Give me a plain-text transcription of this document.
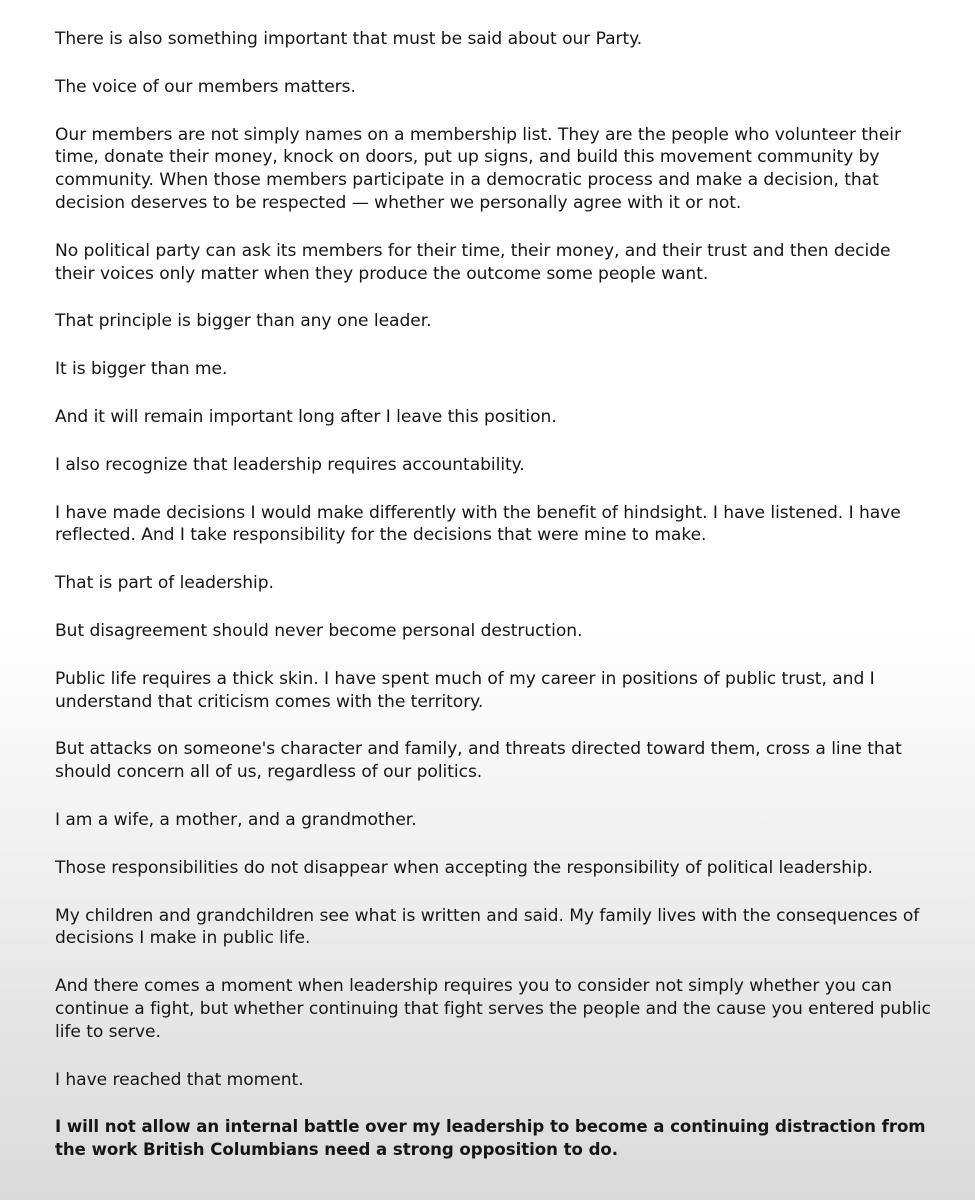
There is also something important that must be said about our Party.

The voice of our members matters.

Our members are not simply names on a membership list. They are the people who volunteer their time, donate their money, knock on doors, put up signs, and build this movement community by community. When those members participate in a democratic process and make a decision, that decision deserves to be respected — whether we personally agree with it or not.

No political party can ask its members for their time, their money, and their trust and then decide their voices only matter when they produce the outcome some people want.

That principle is bigger than any one leader.

It is bigger than me.

And it will remain important long after I leave this position.

I also recognize that leadership requires accountability.

I have made decisions I would make differently with the benefit of hindsight. I have listened. I have reflected. And I take responsibility for the decisions that were mine to make.

That is part of leadership.

But disagreement should never become personal destruction.

Public life requires a thick skin. I have spent much of my career in positions of public trust, and I understand that criticism comes with the territory.

But attacks on someone's character and family, and threats directed toward them, cross a line that should concern all of us, regardless of our politics.

I am a wife, a mother, and a grandmother.

Those responsibilities do not disappear when accepting the responsibility of political leadership.

My children and grandchildren see what is written and said. My family lives with the consequences of decisions I make in public life.

And there comes a moment when leadership requires you to consider not simply whether you can continue a fight, but whether continuing that fight serves the people and the cause you entered public life to serve.

I have reached that moment.

I will not allow an internal battle over my leadership to become a continuing distraction from the work British Columbians need a strong opposition to do.
